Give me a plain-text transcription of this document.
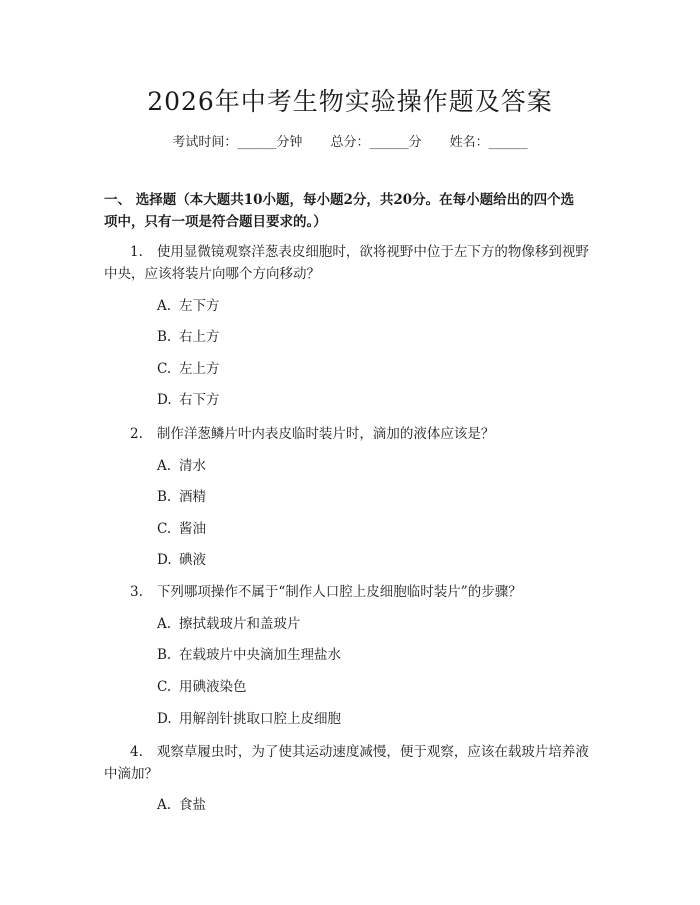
2026年中考生物实验操作题及答案
考试时间：______分钟 总分：______分 姓名：______
一、 选择题（本大题共10小题，每小题2分，共20分。在每小题给出的四个选
项中，只有一项是符合题目要求的。）
1. 使用显微镜观察洋葱表皮细胞时，欲将视野中位于左下方的物像移到视野
中央，应该将装片向哪个方向移动？
A. 左下方
B. 右上方
C. 左上方
D. 右下方
2. 制作洋葱鳞片叶内表皮临时装片时，滴加的液体应该是？
A. 清水
B. 酒精
C. 酱油
D. 碘液
3. 下列哪项操作不属于“制作人口腔上皮细胞临时装片”的步骤？
A. 擦拭载玻片和盖玻片
B. 在载玻片中央滴加生理盐水
C. 用碘液染色
D. 用解剖针挑取口腔上皮细胞
4. 观察草履虫时，为了使其运动速度减慢，便于观察，应该在载玻片培养液
中滴加？
A. 食盐
